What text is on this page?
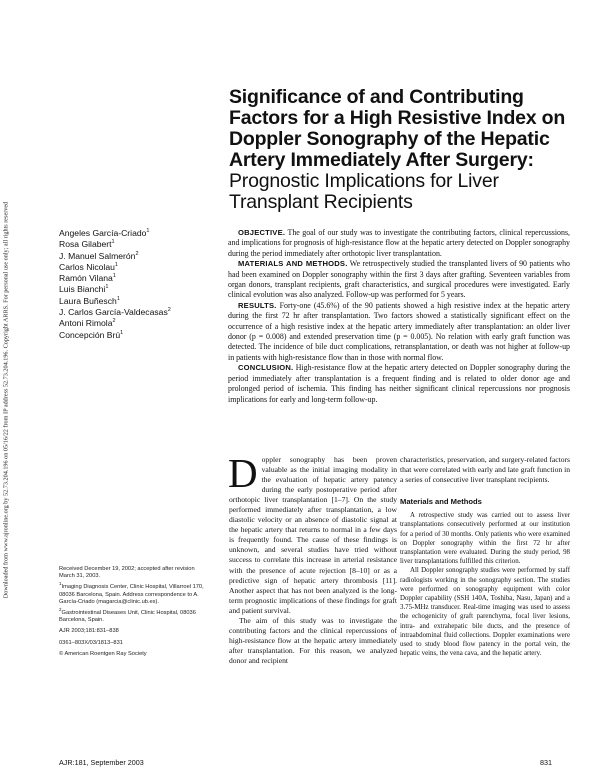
Downloaded from www.ajronline.org by 52.73.204.196 on 05/16/22 from IP address 52.73.204.196. Copyright ARRS. For personal use only; all rights reserved
Significance of and Contributing Factors for a High Resistive Index on Doppler Sonography of the Hepatic Artery Immediately After Surgery: Prognostic Implications for Liver Transplant Recipients
Angeles García-Criado$^1$
Rosa Gilabert$^1$
J. Manuel Salmerón$^2$
Carlos Nicolau$^1$
Ramón Vilana$^1$
Luis Bianchi$^1$
Laura Buñesch$^1$
J. Carlos García-Valdecasas$^2$
Antoni Rimola$^2$
Concepción Brú$^1$

OBJECTIVE. The goal of our study was to investigate the contributing factors, clinical repercussions, and implications for prognosis of high-resistance flow at the hepatic artery detected on Doppler sonography during the period immediately after orthotopic liver transplantation.

MATERIALS AND METHODS. We retrospectively studied the transplanted livers of 90 patients who had been examined on Doppler sonography within the first 3 days after grafting. Seventeen variables from organ donors, transplant recipients, graft characteristics, and surgical procedures were investigated. Early clinical evolution was also analyzed. Follow-up was performed for 5 years.

RESULTS. Forty-one (45.6%) of the 90 patients showed a high resistive index at the hepatic artery during the first 72 hr after transplantation. Two factors showed a statistically significant effect on the occurrence of a high resistive index at the hepatic artery immediately after transplantation: an older liver donor (p = 0.008) and extended preservation time (p = 0.005). No relation with early graft function was detected. The incidence of bile duct complications, retransplantation, or death was not higher at follow-up in patients with high-resistance flow than in those with normal flow.

CONCLUSION. High-resistance flow at the hepatic artery detected on Doppler sonography during the period immediately after transplantation is a frequent finding and is related to older donor age and prolonged period of ischemia. This finding has neither significant clinical repercussions nor prognosis implications for early and long-term follow-up.

Received December 19, 2002; accepted after revision March 31, 2003.

$^1$Imaging Diagnosis Center, Clinic Hospital, Villarroel 170, 08036 Barcelona, Spain. Address correspondence to A. García-Criado (magarcia@clinic.ub.es).

$^2$Gastrointestinal Diseases Unit, Clinic Hospital, 08036 Barcelona, Spain.

AJR 2003;181:831–838

0361–803X/03/1813–831

© American Roentgen Ray Society

Doppler sonography has been proven valuable as the initial imaging modality in the evaluation of hepatic artery patency during the early postoperative period after orthotopic liver transplantation [1–7]. On the study performed immediately after transplantation, a low diastolic velocity or an absence of diastolic signal at the hepatic artery that returns to normal in a few days is frequently found. The cause of these findings is unknown, and several studies have tried without success to correlate this increase in arterial resistance with the presence of acute rejection [8–10] or as a predictive sign of hepatic artery thrombosis [11]. Another aspect that has not been analyzed is the long-term prognostic implications of these findings for graft and patient survival.

The aim of this study was to investigate the contributing factors and the clinical repercussions of high-resistance flow at the hepatic artery immediately after transplantation. For this reason, we analyzed donor and recipient

characteristics, preservation, and surgery-related factors that were correlated with early and late graft function in a series of consecutive liver transplant recipients.

Materials and Methods

A retrospective study was carried out to assess liver transplantations consecutively performed at our institution for a period of 30 months. Only patients who were examined on Doppler sonography within the first 72 hr after transplantation were evaluated. During the study period, 98 liver transplantations fulfilled this criterion.

All Doppler sonography studies were performed by staff radiologists working in the sonography section. The studies were performed on sonography equipment with color Doppler capability (SSH 140A, Toshiba, Nasu, Japan) and a 3.75-MHz transducer. Real-time imaging was used to assess the echogenicity of graft parenchyma, focal liver lesions, intra- and extrahepatic bile ducts, and the presence of intraabdominal fluid collections. Doppler examinations were used to study blood flow patency in the portal vein, the hepatic veins, the vena cava, and the hepatic artery.

AJR:181, September 2003	831
